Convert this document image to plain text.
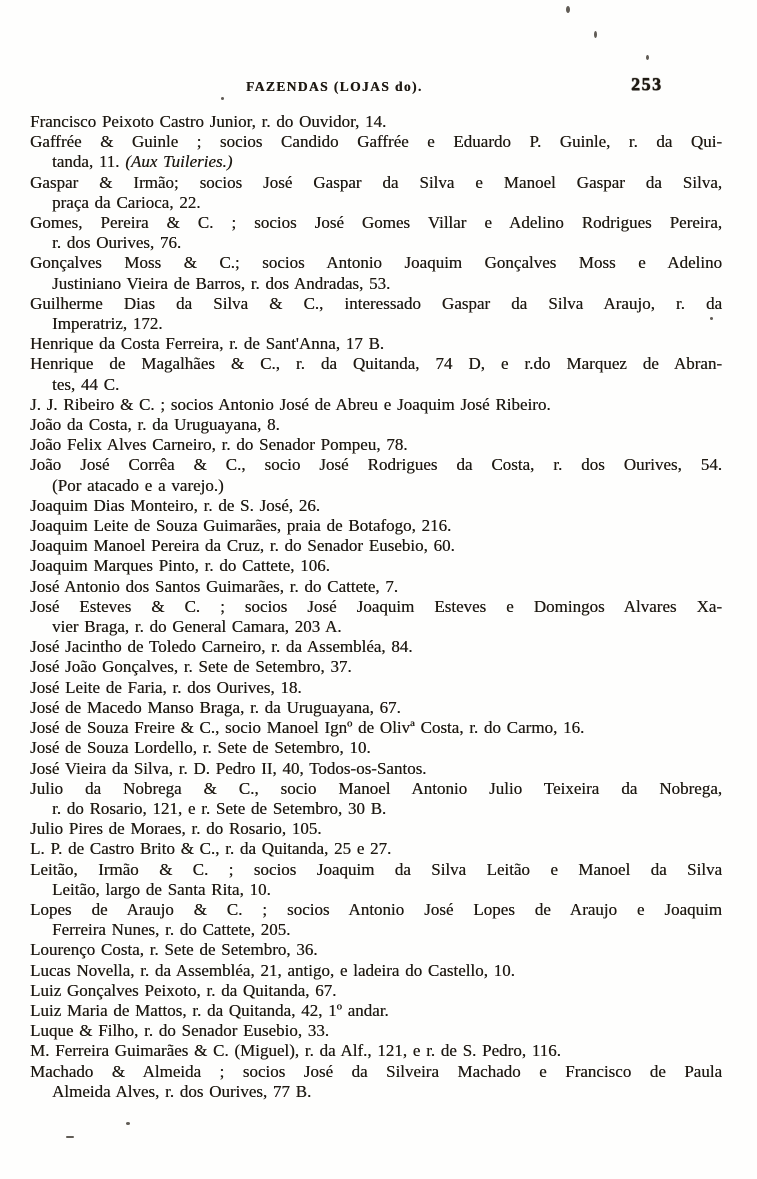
FAZENDAS (LOJAS do).	253
Francisco Peixoto Castro Junior, r. do Ouvidor, 14.
Gaffrée & Guinle ; socios Candido Gaffrée e Eduardo P. Guinle, r. da Qui-
tanda, 11. (Aux Tuileries.)
Gaspar & Irmão; socios José Gaspar da Silva e Manoel Gaspar da Silva,
praça da Carioca, 22.
Gomes, Pereira & C. ; socios José Gomes Villar e Adelino Rodrigues Pereira,
r. dos Ourives, 76.
Gonçalves Moss & C.; socios Antonio Joaquim Gonçalves Moss e Adelino
Justiniano Vieira de Barros, r. dos Andradas, 53.
Guilherme Dias da Silva & C., interessado Gaspar da Silva Araujo, r. da
Imperatriz, 172.
Henrique da Costa Ferreira, r. de Sant'Anna, 17 B.
Henrique de Magalhães & C., r. da Quitanda, 74 D, e r.do Marquez de Abran-
tes, 44 C.
J. J. Ribeiro & C. ; socios Antonio José de Abreu e Joaquim José Ribeiro.
João da Costa, r. da Uruguayana, 8.
João Felix Alves Carneiro, r. do Senador Pompeu, 78.
João José Corrêa & C., socio José Rodrigues da Costa, r. dos Ourives, 54.
(Por atacado e a varejo.)
Joaquim Dias Monteiro, r. de S. José, 26.
Joaquim Leite de Souza Guimarães, praia de Botafogo, 216.
Joaquim Manoel Pereira da Cruz, r. do Senador Eusebio, 60.
Joaquim Marques Pinto, r. do Cattete, 106.
José Antonio dos Santos Guimarães, r. do Cattete, 7.
José Esteves & C. ; socios José Joaquim Esteves e Domingos Alvares Xa-
vier Braga, r. do General Camara, 203 A.
José Jacintho de Toledo Carneiro, r. da Assembléa, 84.
José João Gonçalves, r. Sete de Setembro, 37.
José Leite de Faria, r. dos Ourives, 18.
José de Macedo Manso Braga, r. da Uruguayana, 67.
José de Souza Freire & C., socio Manoel Ignº de Olivª Costa, r. do Carmo, 16.
José de Souza Lordello, r. Sete de Setembro, 10.
José Vieira da Silva, r. D. Pedro II, 40, Todos-os-Santos.
Julio da Nobrega & C., socio Manoel Antonio Julio Teixeira da Nobrega,
r. do Rosario, 121, e r. Sete de Setembro, 30 B.
Julio Pires de Moraes, r. do Rosario, 105.
L. P. de Castro Brito & C., r. da Quitanda, 25 e 27.
Leitão, Irmão & C. ; socios Joaquim da Silva Leitão e Manoel da Silva
Leitão, largo de Santa Rita, 10.
Lopes de Araujo & C. ; socios Antonio José Lopes de Araujo e Joaquim
Ferreira Nunes, r. do Cattete, 205.
Lourenço Costa, r. Sete de Setembro, 36.
Lucas Novella, r. da Assembléa, 21, antigo, e ladeira do Castello, 10.
Luiz Gonçalves Peixoto, r. da Quitanda, 67.
Luiz Maria de Mattos, r. da Quitanda, 42, 1º andar.
Luque & Filho, r. do Senador Eusebio, 33.
M. Ferreira Guimarães & C. (Miguel), r. da Alf., 121, e r. de S. Pedro, 116.
Machado & Almeida ; socios José da Silveira Machado e Francisco de Paula
Almeida Alves, r. dos Ourives, 77 B.
